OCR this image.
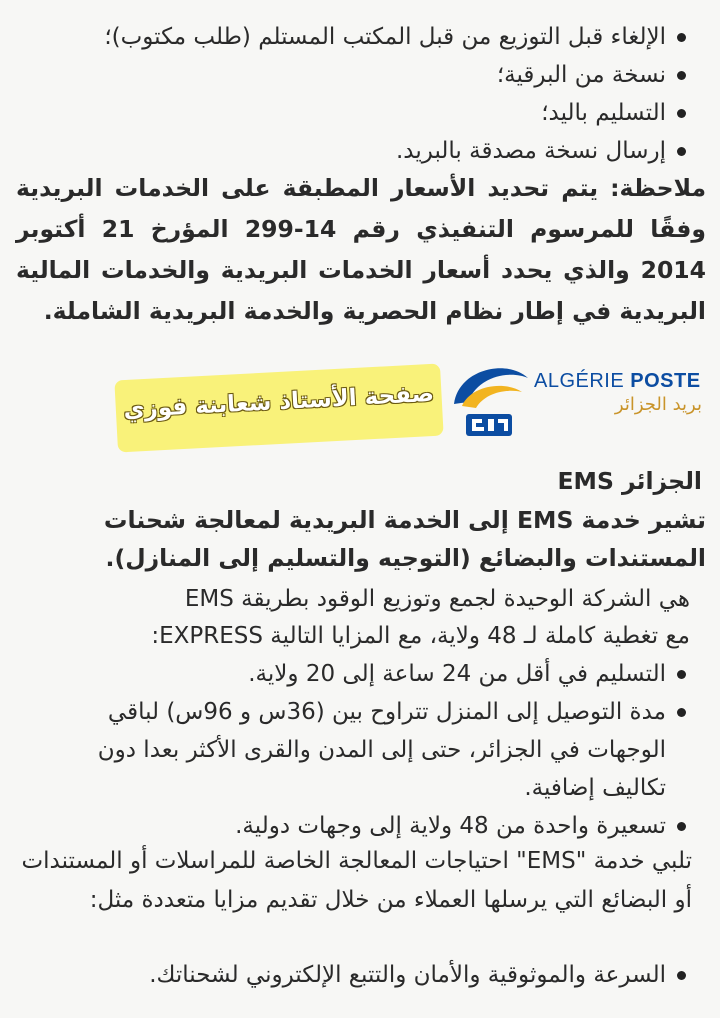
الإلغاء قبل التوزيع من قبل المكتب المستلم (طلب مكتوب)؛
نسخة من البرقية؛
التسليم باليد؛
إرسال نسخة مصدقة بالبريد.
ملاحظة: يتم تحديد الأسعار المطبقة على الخدمات البريدية وفقًا للمرسوم التنفيذي رقم 14-299 المؤرخ 21 أكتوبر 2014 والذي يحدد أسعار الخدمات البريدية والخدمات المالية البريدية في إطار نظام الحصرية والخدمة البريدية الشاملة.
ALGÉRIE POSTE
بريد الجزائر
صفحة الأستاذ شعابنة فوزي
الجزائر EMS
تشير خدمة EMS إلى الخدمة البريدية لمعالجة شحنات المستندات والبضائع (التوجيه والتسليم إلى المنازل).
هي الشركة الوحيدة لجمع وتوزيع الوقود بطريقة EMS
مع تغطية كاملة لـ 48 ولاية، مع المزايا التالية EXPRESS:
التسليم في أقل من 24 ساعة إلى 20 ولاية.
مدة التوصيل إلى المنزل تتراوح بين (36س و 96س) لباقي الوجهات في الجزائر، حتى إلى المدن والقرى الأكثر بعدا دون تكاليف إضافية.
تسعيرة واحدة من 48 ولاية إلى وجهات دولية.
تلبي خدمة "EMS" احتياجات المعالجة الخاصة للمراسلات أو المستندات أو البضائع التي يرسلها العملاء من خلال تقديم مزايا متعددة مثل:
السرعة والموثوقية والأمان والتتبع الإلكتروني لشحناتك.
